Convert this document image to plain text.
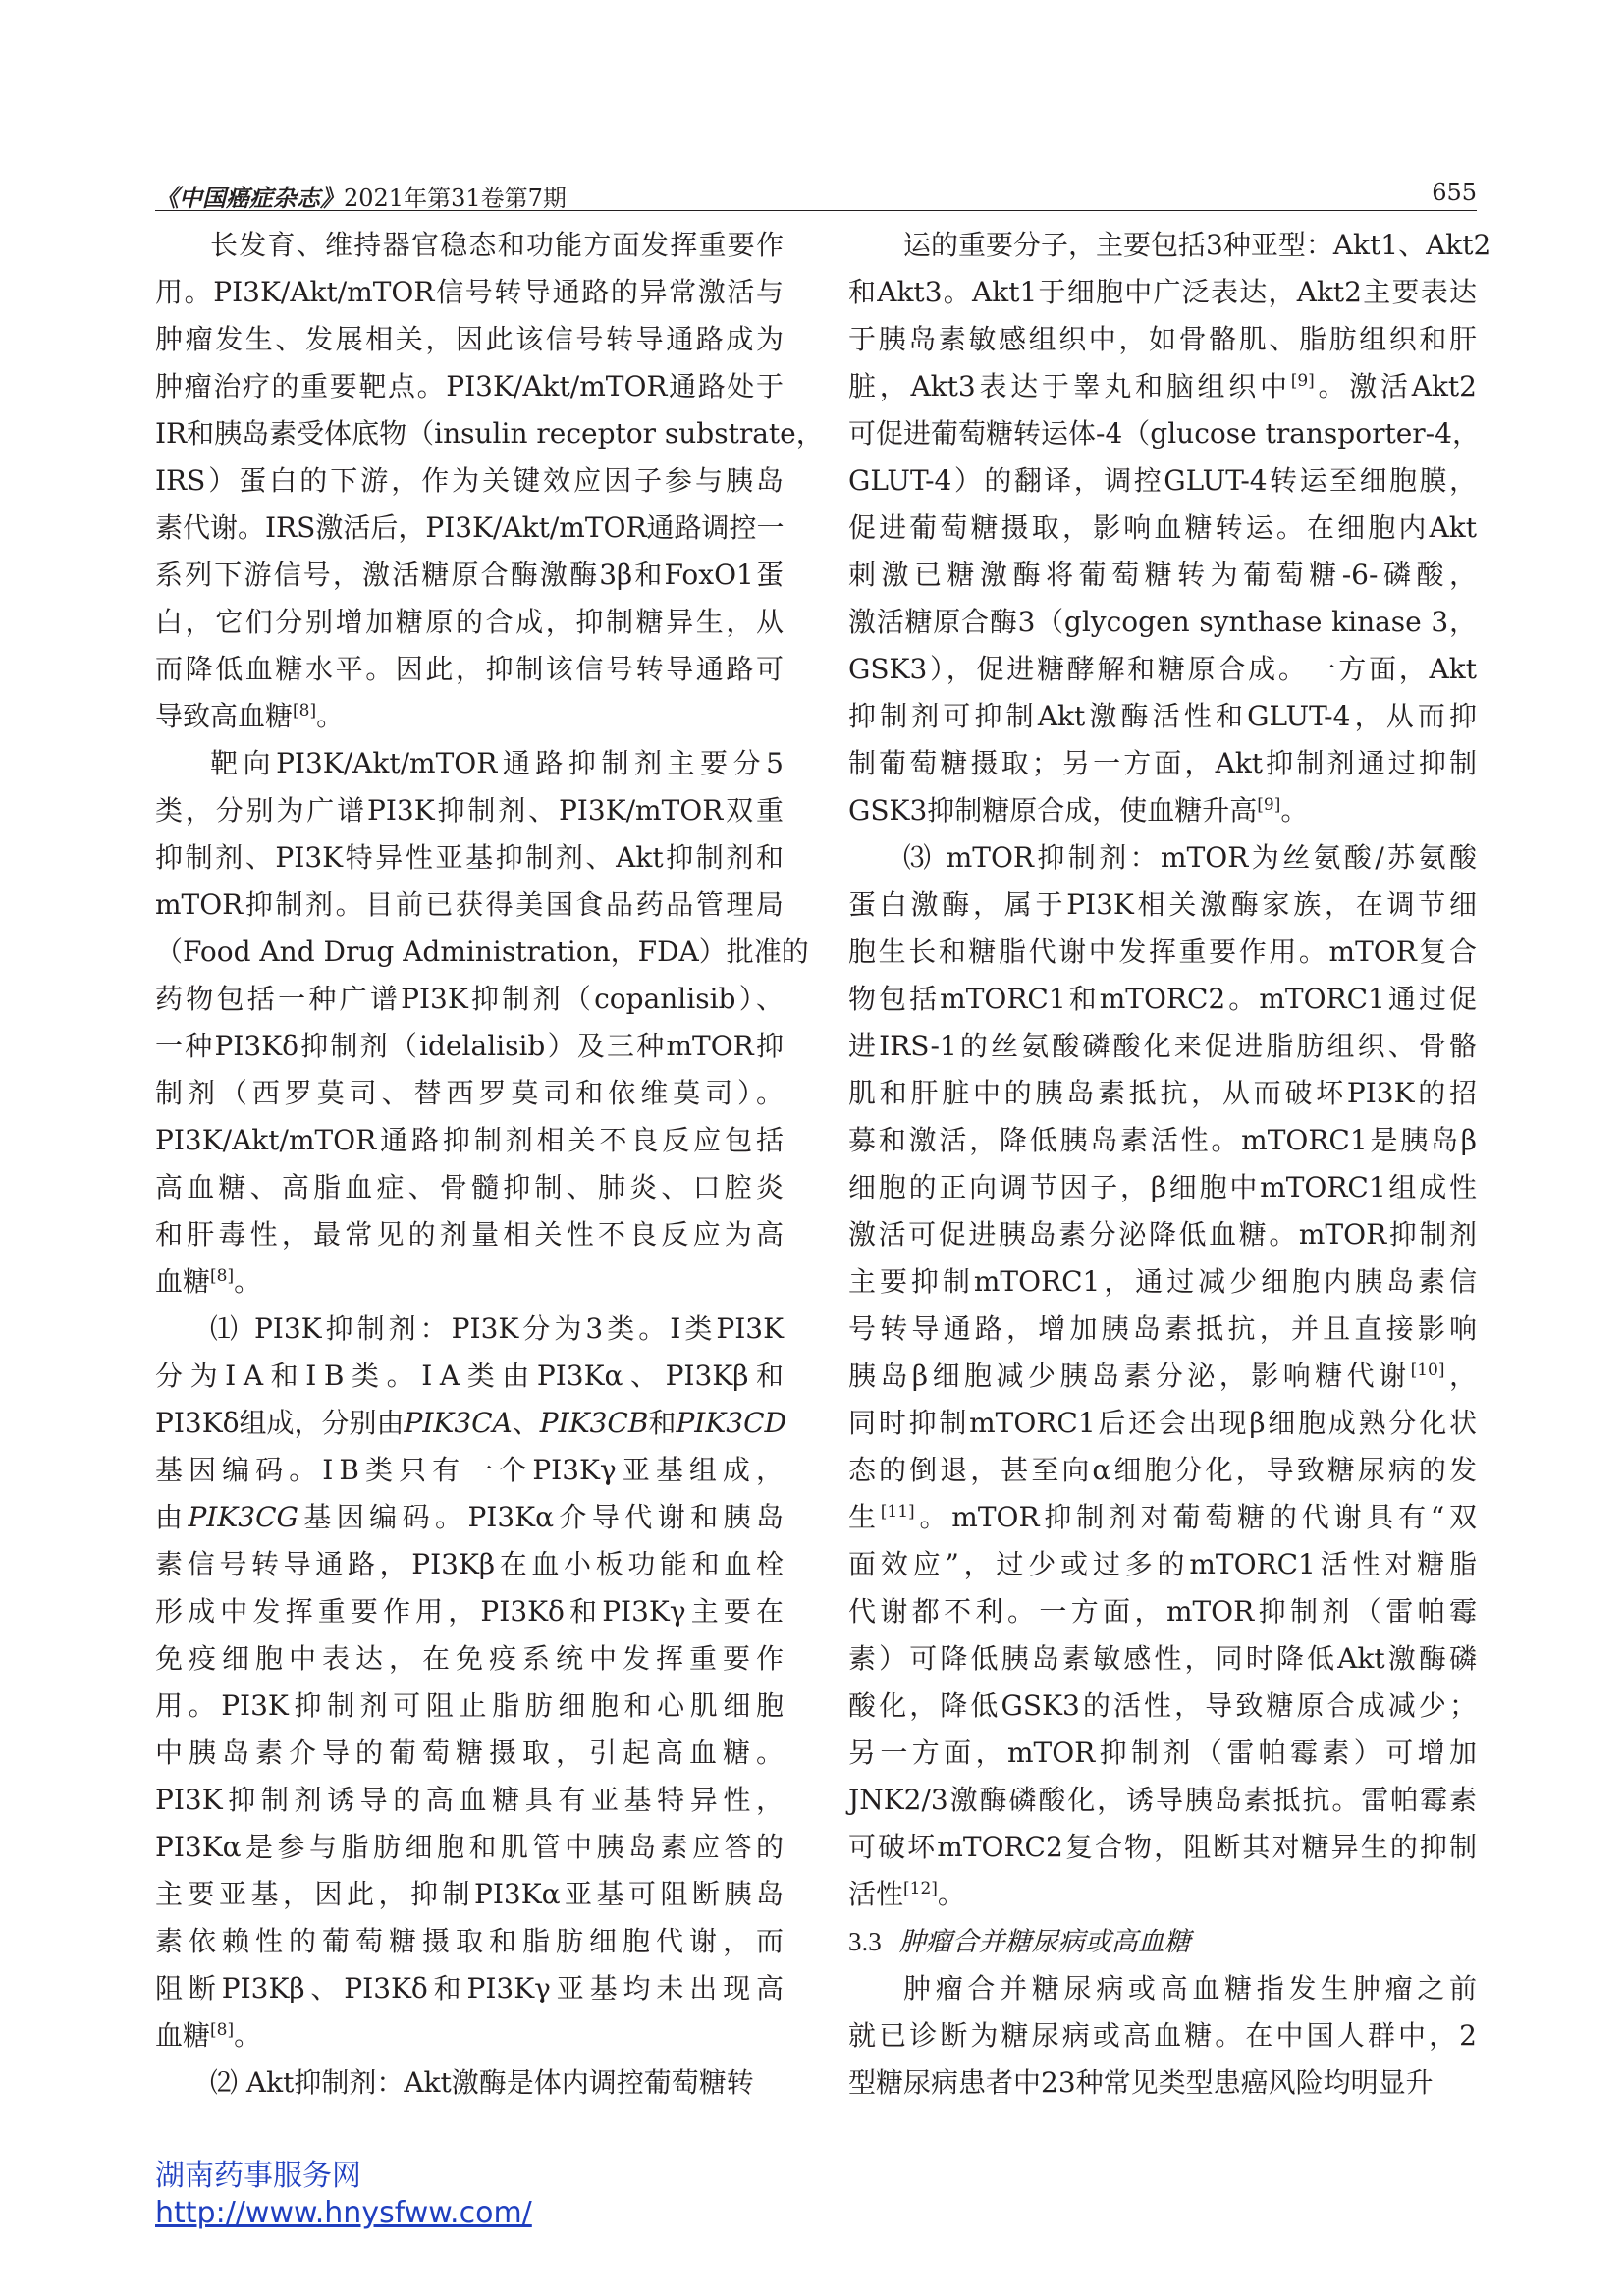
《中国癌症杂志》2021年第31卷第7期	655
长发育、维持器官稳态和功能方面发挥重要作
用。PI3K/Akt/mTOR信号转导通路的异常激活与
肿瘤发生、发展相关，因此该信号转导通路成为
肿瘤治疗的重要靶点。PI3K/Akt/mTOR通路处于
IR和胰岛素受体底物（insulin receptor substrate，
IRS）蛋白的下游，作为关键效应因子参与胰岛
素代谢。IRS激活后，PI3K/Akt/mTOR通路调控一
系列下游信号，激活糖原合酶激酶3β和FoxO1蛋
白，它们分别增加糖原的合成，抑制糖异生，从
而降低血糖水平。因此，抑制该信号转导通路可
导致高血糖[8]。
靶向PI3K/Akt/mTOR通路抑制剂主要分5
类，分别为广谱PI3K抑制剂、PI3K/mTOR双重
抑制剂、PI3K特异性亚基抑制剂、Akt抑制剂和
mTOR抑制剂。目前已获得美国食品药品管理局
（Food And Drug Administration，FDA）批准的
药物包括一种广谱PI3K抑制剂（copanlisib）、
一种PI3Kδ抑制剂（idelalisib）及三种mTOR抑
制剂（西罗莫司、替西罗莫司和依维莫司）。
PI3K/Akt/mTOR通路抑制剂相关不良反应包括
高血糖、高脂血症、骨髓抑制、肺炎、口腔炎
和肝毒性，最常见的剂量相关性不良反应为高
血糖[8]。
⑴ PI3K抑制剂：PI3K分为3类。Ⅰ类PI3K
分为ⅠA和ⅠB类。ⅠA类由PI3Kα、PI3Kβ和
PI3Kδ组成，分别由PIK3CA、PIK3CB和PIK3CD
基因编码。ⅠB类只有一个PI3Kγ亚基组成，
由PIK3CG基因编码。PI3Kα介导代谢和胰岛
素信号转导通路，PI3Kβ在血小板功能和血栓
形成中发挥重要作用，PI3Kδ和PI3Kγ主要在
免疫细胞中表达，在免疫系统中发挥重要作
用。PI3K抑制剂可阻止脂肪细胞和心肌细胞
中胰岛素介导的葡萄糖摄取，引起高血糖。
PI3K抑制剂诱导的高血糖具有亚基特异性，
PI3Kα是参与脂肪细胞和肌管中胰岛素应答的
主要亚基，因此，抑制PI3Kα亚基可阻断胰岛
素依赖性的葡萄糖摄取和脂肪细胞代谢，而
阻断PI3Kβ、PI3Kδ和PI3Kγ亚基均未出现高
血糖[8]。
⑵ Akt抑制剂：Akt激酶是体内调控葡萄糖转
运的重要分子，主要包括3种亚型：Akt1、Akt2
和Akt3。Akt1于细胞中广泛表达，Akt2主要表达
于胰岛素敏感组织中，如骨骼肌、脂肪组织和肝
脏，Akt3表达于睾丸和脑组织中[9]。激活Akt2
可促进葡萄糖转运体-4（glucose transporter-4，
GLUT-4）的翻译，调控GLUT-4转运至细胞膜，
促进葡萄糖摄取，影响血糖转运。在细胞内Akt
刺激已糖激酶将葡萄糖转为葡萄糖-6-磷酸，
激活糖原合酶3（glycogen synthase kinase 3，
GSK3），促进糖酵解和糖原合成。一方面，Akt
抑制剂可抑制Akt激酶活性和GLUT-4，从而抑
制葡萄糖摄取；另一方面，Akt抑制剂通过抑制
GSK3抑制糖原合成，使血糖升高[9]。
⑶ mTOR抑制剂：mTOR为丝氨酸/苏氨酸
蛋白激酶，属于PI3K相关激酶家族，在调节细
胞生长和糖脂代谢中发挥重要作用。mTOR复合
物包括mTORC1和mTORC2。mTORC1通过促
进IRS-1的丝氨酸磷酸化来促进脂肪组织、骨骼
肌和肝脏中的胰岛素抵抗，从而破坏PI3K的招
募和激活，降低胰岛素活性。mTORC1是胰岛β
细胞的正向调节因子，β细胞中mTORC1组成性
激活可促进胰岛素分泌降低血糖。mTOR抑制剂
主要抑制mTORC1，通过减少细胞内胰岛素信
号转导通路，增加胰岛素抵抗，并且直接影响
胰岛β细胞减少胰岛素分泌，影响糖代谢[10]，
同时抑制mTORC1后还会出现β细胞成熟分化状
态的倒退，甚至向α细胞分化，导致糖尿病的发
生[11]。mTOR抑制剂对葡萄糖的代谢具有“双
面效应”，过少或过多的mTORC1活性对糖脂
代谢都不利。一方面，mTOR抑制剂（雷帕霉
素）可降低胰岛素敏感性，同时降低Akt激酶磷
酸化，降低GSK3的活性，导致糖原合成减少；
另一方面，mTOR抑制剂（雷帕霉素）可增加
JNK2/3激酶磷酸化，诱导胰岛素抵抗。雷帕霉素
可破坏mTORC2复合物，阻断其对糖异生的抑制
活性[12]。
3.3 肿瘤合并糖尿病或高血糖
肿瘤合并糖尿病或高血糖指发生肿瘤之前
就已诊断为糖尿病或高血糖。在中国人群中，2
型糖尿病患者中23种常见类型患癌风险均明显升
湖南药事服务网
http://www.hnysfww.com/
